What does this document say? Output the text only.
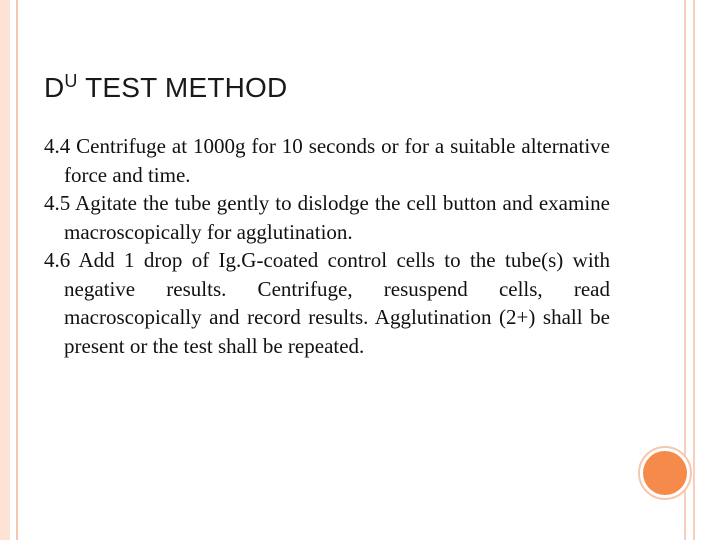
$D^U$ TEST METHOD

4.4 Centrifuge at 1000g for 10 seconds or for a suitable alternative force and time.

4.5 Agitate the tube gently to dislodge the cell button and examine macroscopically for agglutination.

4.6 Add 1 drop of Ig.G-coated control cells to the tube(s) with negative results. Centrifuge, resuspend cells, read macroscopically and record results. Agglutination (2+) shall be present or the test shall be repeated.
